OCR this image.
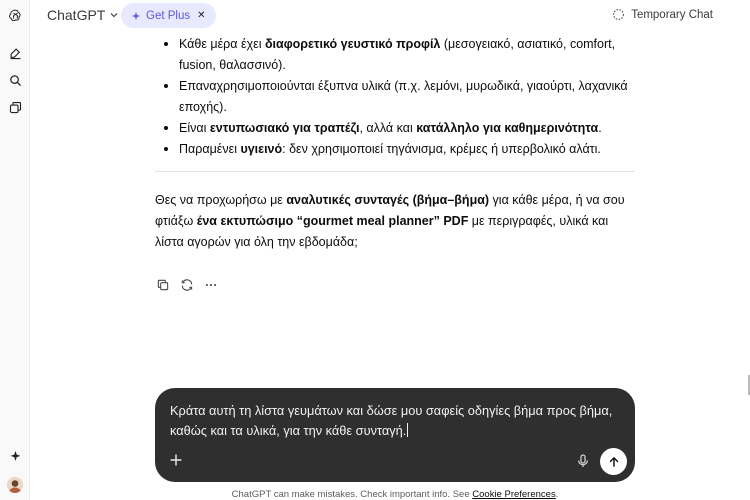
ChatGPT	Get Plus ✕	Temporary Chat
Κάθε μέρα έχει διαφορετικό γευστικό προφίλ (μεσογειακό, ασιατικό, comfort, fusion, θαλασσινό).
Επαναχρησιμοποιούνται έξυπνα υλικά (π.χ. λεμόνι, μυρωδικά, γιαούρτι, λαχανικά εποχής).
Είναι εντυπωσιακό για τραπέζι, αλλά και κατάλληλο για καθημερινότητα.
Παραμένει υγιεινό: δεν χρησιμοποιεί τηγάνισμα, κρέμες ή υπερβολικό αλάτι.

Θες να προχωρήσω με αναλυτικές συνταγές (βήμα–βήμα) για κάθε μέρα, ή να σου φτιάξω ένα εκτυπώσιμο “gourmet meal planner” PDF με περιγραφές, υλικά και λίστα αγορών για όλη την εβδομάδα;

Κράτα αυτή τη λίστα γευμάτων και δώσε μου σαφείς οδηγίες βήμα προς βήμα, καθώς και τα υλικά, για την κάθε συνταγή.
ChatGPT can make mistakes. Check important info. See Cookie Preferences.
